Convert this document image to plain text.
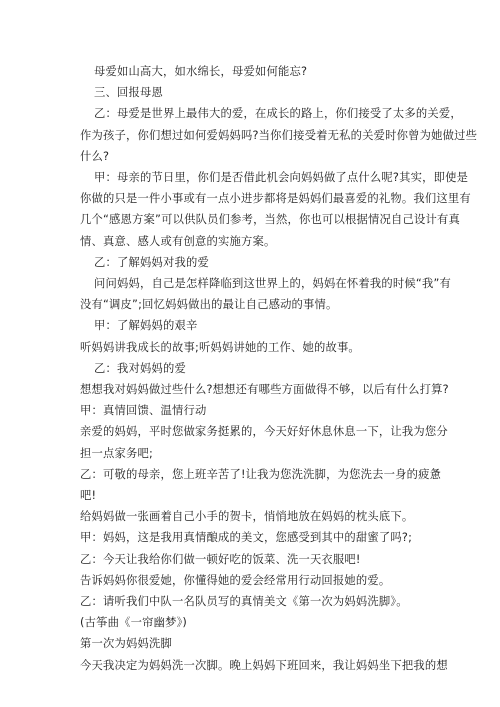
母爱如山高大，如水绵长，母爱如何能忘?
三、回报母恩
乙：母爱是世界上最伟大的爱，在成长的路上，你们接受了太多的关爱，
作为孩子，你们想过如何爱妈妈吗?当你们接受着无私的关爱时你曾为她做过些
什么?
甲：母亲的节日里，你们是否借此机会向妈妈做了点什么呢?其实，即使是
你做的只是一件小事或有一点小进步都将是妈妈们最喜爱的礼物。我们这里有
几个“感恩方案”可以供队员们参考，当然，你也可以根据情况自己设计有真
情、真意、感人或有创意的实施方案。
乙：了解妈妈对我的爱
问问妈妈，自己是怎样降临到这世界上的，妈妈在怀着我的时候“我”有
没有“调皮”;回忆妈妈做出的最让自己感动的事情。
甲：了解妈妈的艰辛
听妈妈讲我成长的故事;听妈妈讲她的工作、她的故事。
乙：我对妈妈的爱
想想我对妈妈做过些什么?想想还有哪些方面做得不够，以后有什么打算?
甲：真情回馈、温情行动
亲爱的妈妈，平时您做家务挺累的，今天好好休息休息一下，让我为您分
担一点家务吧;
乙：可敬的母亲，您上班辛苦了!让我为您洗洗脚，为您洗去一身的疲惫
吧!
给妈妈做一张画着自己小手的贺卡，悄悄地放在妈妈的枕头底下。
甲：妈妈，这是我用真情酿成的美文，您感受到其中的甜蜜了吗?;
乙：今天让我给你们做一顿好吃的饭菜、洗一天衣服吧!
告诉妈妈你很爱她，你懂得她的爱会经常用行动回报她的爱。
乙：请听我们中队一名队员写的真情美文《第一次为妈妈洗脚》。
(古筝曲《一帘幽梦》)
第一次为妈妈洗脚
今天我决定为妈妈洗一次脚。晚上妈妈下班回来，我让妈妈坐下把我的想
